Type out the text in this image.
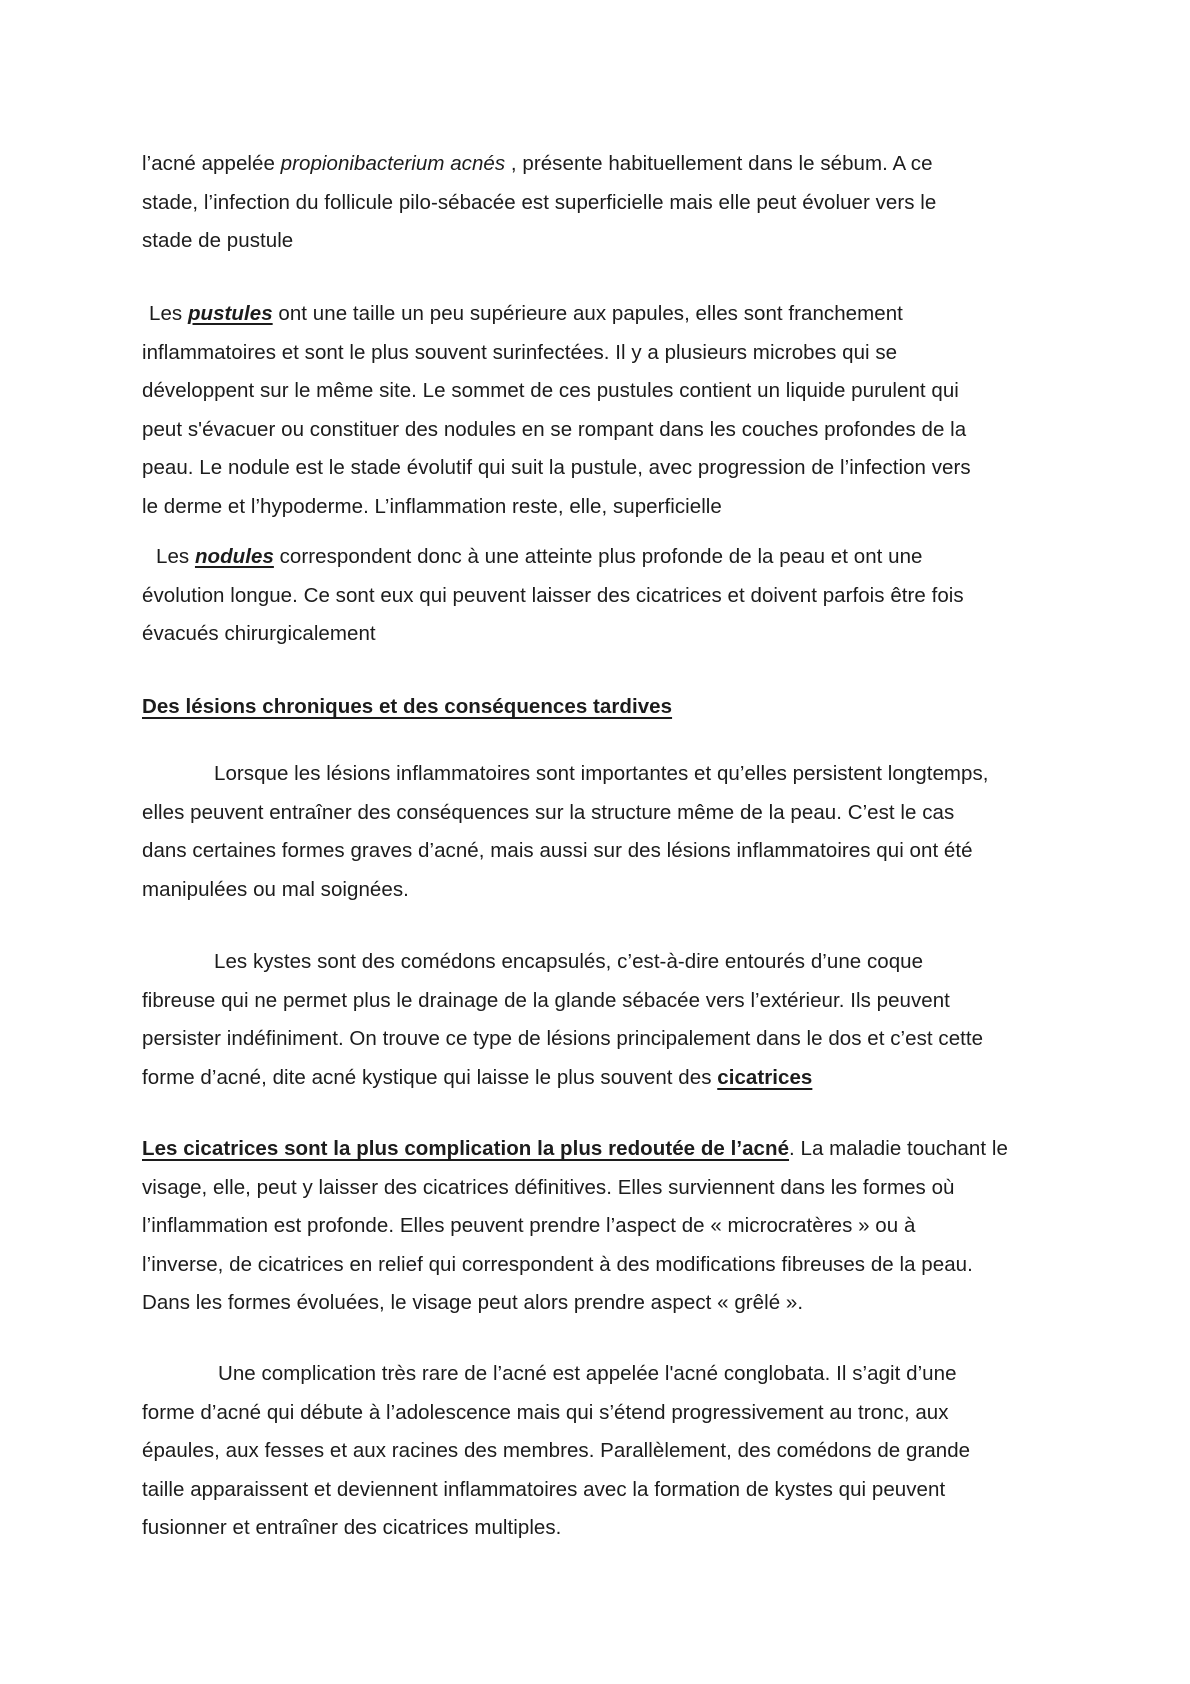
l’acné appelée propionibacterium acnés , présente habituellement dans le sébum. A ce
stade, l’infection du follicule pilo-sébacée est superficielle mais elle peut évoluer vers le
stade de pustule
Les pustules ont une taille un peu supérieure aux papules, elles sont franchement
inflammatoires et sont le plus souvent surinfectées. Il y a plusieurs microbes qui se
développent sur le même site. Le sommet de ces pustules contient un liquide purulent qui
peut s'évacuer ou constituer des nodules en se rompant dans les couches profondes de la
peau. Le nodule est le stade évolutif qui suit la pustule, avec progression de l’infection vers
le derme et l’hypoderme. L’inflammation reste, elle, superficielle
Les nodules correspondent donc à une atteinte plus profonde de la peau et ont une
évolution longue. Ce sont eux qui peuvent laisser des cicatrices et doivent parfois être fois
évacués chirurgicalement
Des lésions chroniques et des conséquences tardives
Lorsque les lésions inflammatoires sont importantes et qu’elles persistent longtemps,
elles peuvent entraîner des conséquences sur la structure même de la peau. C’est le cas
dans certaines formes graves d’acné, mais aussi sur des lésions inflammatoires qui ont été
manipulées ou mal soignées.
Les kystes sont des comédons encapsulés, c’est-à-dire entourés d’une coque
fibreuse qui ne permet plus le drainage de la glande sébacée vers l’extérieur. Ils peuvent
persister indéfiniment. On trouve ce type de lésions principalement dans le dos et c’est cette
forme d’acné, dite acné kystique qui laisse le plus souvent des cicatrices
Les cicatrices sont la plus complication la plus redoutée de l’acné. La maladie touchant le
visage, elle, peut y laisser des cicatrices définitives. Elles surviennent dans les formes où
l’inflammation est profonde. Elles peuvent prendre l’aspect de « microcratères » ou à
l’inverse, de cicatrices en relief qui correspondent à des modifications fibreuses de la peau.
Dans les formes évoluées, le visage peut alors prendre aspect « grêlé ».
Une complication très rare de l’acné est appelée l'acné conglobata. Il s’agit d’une
forme d’acné qui débute à l’adolescence mais qui s’étend progressivement au tronc, aux
épaules, aux fesses et aux racines des membres. Parallèlement, des comédons de grande
taille apparaissent et deviennent inflammatoires avec la formation de kystes qui peuvent
fusionner et entraîner des cicatrices multiples.
